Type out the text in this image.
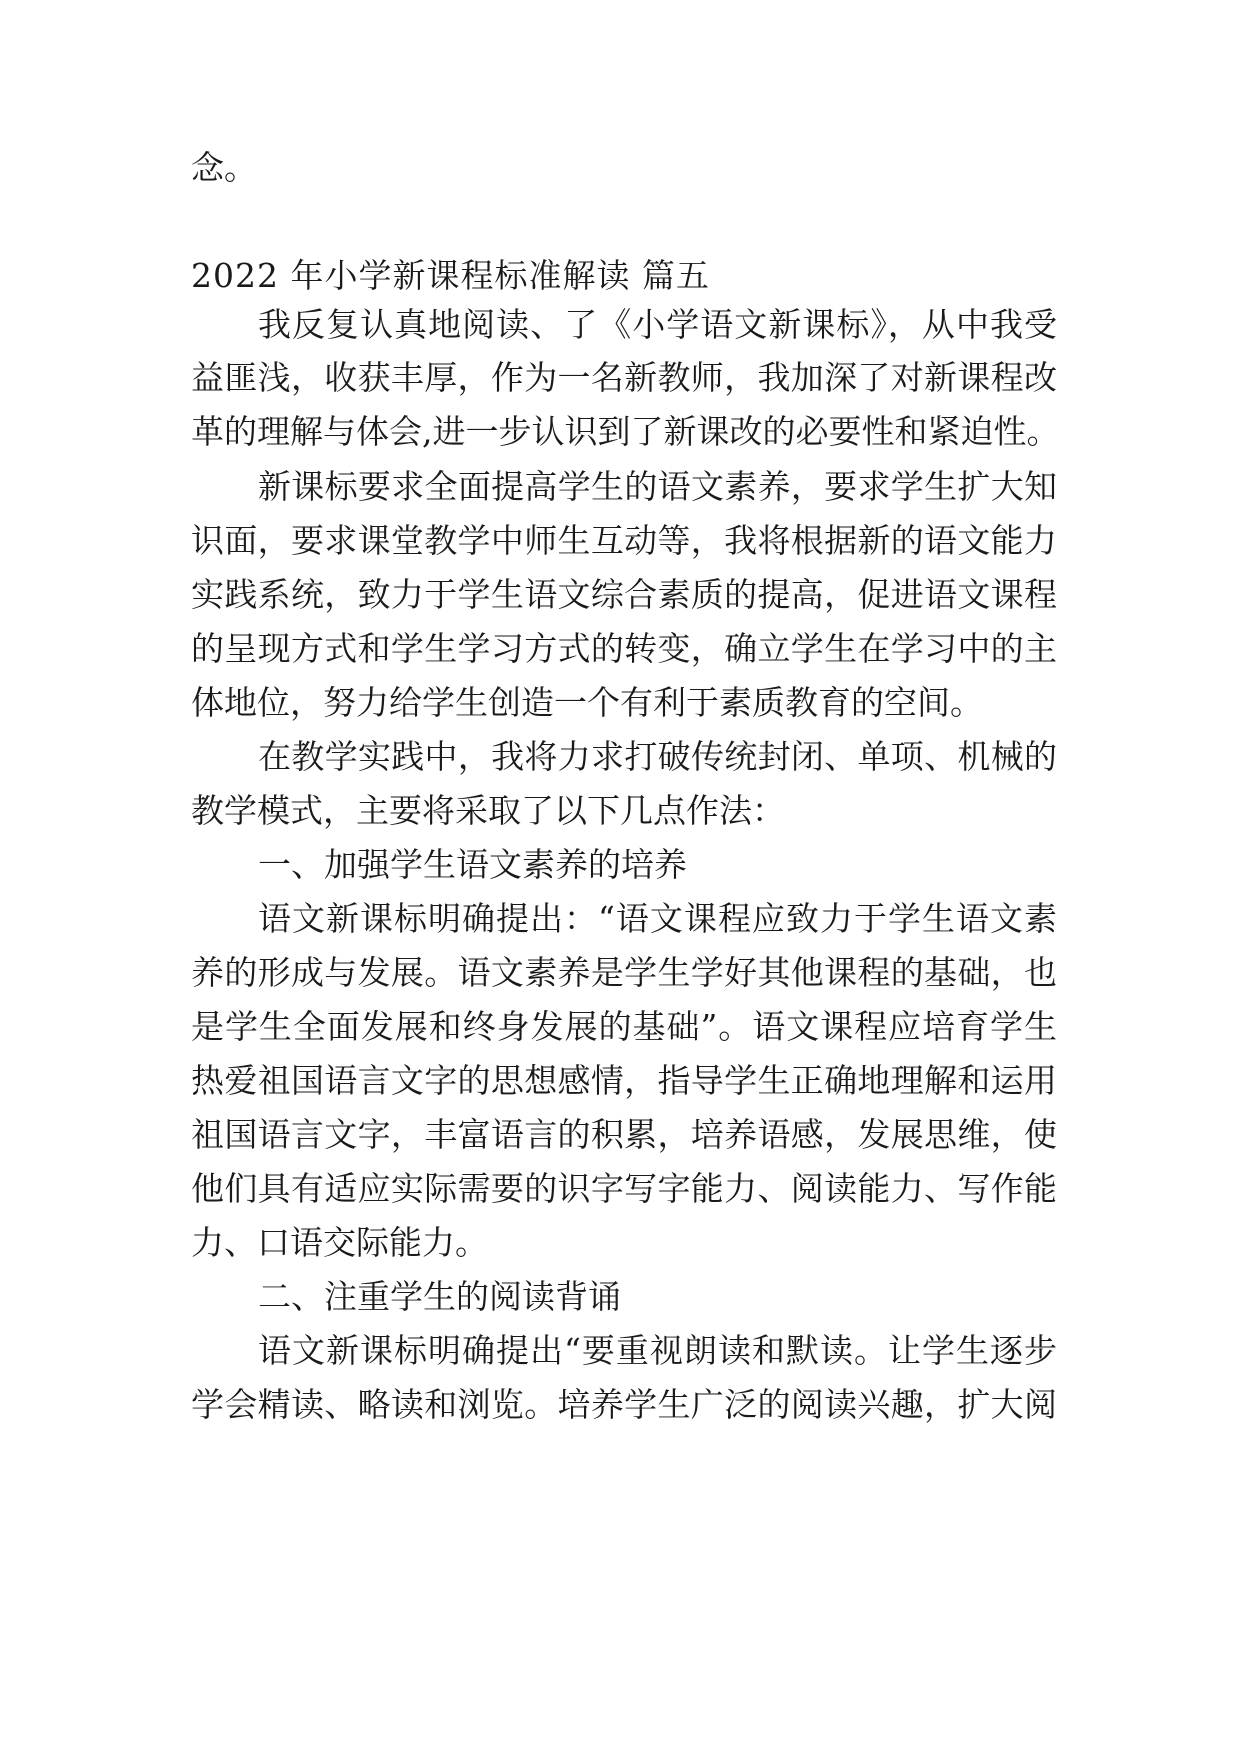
念。
2022 年小学新课程标准解读 篇五
我反复认真地阅读、了《小学语文新课标》，从中我受
益匪浅，收获丰厚，作为一名新教师，我加深了对新课程改
革的理解与体会,进一步认识到了新课改的必要性和紧迫性。
新课标要求全面提高学生的语文素养，要求学生扩大知
识面，要求课堂教学中师生互动等，我将根据新的语文能力
实践系统，致力于学生语文综合素质的提高，促进语文课程
的呈现方式和学生学习方式的转变，确立学生在学习中的主
体地位，努力给学生创造一个有利于素质教育的空间。
在教学实践中，我将力求打破传统封闭、单项、机械的
教学模式，主要将采取了以下几点作法：
一、加强学生语文素养的培养
语文新课标明确提出：“语文课程应致力于学生语文素
养的形成与发展。语文素养是学生学好其他课程的基础，也
是学生全面发展和终身发展的基础”。语文课程应培育学生
热爱祖国语言文字的思想感情，指导学生正确地理解和运用
祖国语言文字，丰富语言的积累，培养语感，发展思维，使
他们具有适应实际需要的识字写字能力、阅读能力、写作能
力、口语交际能力。
二、注重学生的阅读背诵
语文新课标明确提出“要重视朗读和默读。让学生逐步
学会精读、略读和浏览。培养学生广泛的阅读兴趣，扩大阅
